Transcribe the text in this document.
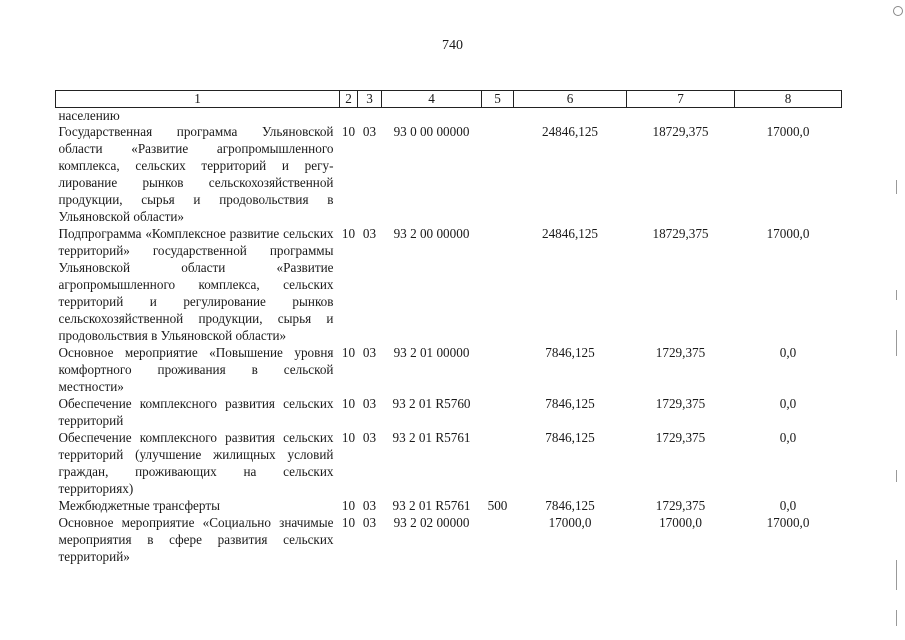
740
1	2	3	4	5	6	7	8
населению							
Государственная программа Ульяновской области «Развитие агропромышленного комплекса, сельских территорий и регулирование рынков сельскохозяйственной продукции, сырья и продовольствия в Ульяновской области»	10	03	93 0 00 00000		24846,125	18729,375	17000,0
Подпрограмма «Комплексное развитие сельских территорий» государственной программы Ульяновской области «Развитие агропромышленного комплекса, сельских территорий и регулирование рынков сельскохозяйственной продукции, сырья и продовольствия в Ульяновской области»	10	03	93 2 00 00000		24846,125	18729,375	17000,0
Основное мероприятие «Повышение уровня комфортного проживания в сельской местности»	10	03	93 2 01 00000		7846,125	1729,375	0,0
Обеспечение комплексного развития сельских территорий	10	03	93 2 01 R5760		7846,125	1729,375	0,0
Обеспечение комплексного развития сельских территорий (улучшение жилищных условий граждан, проживающих на сельских территориях)	10	03	93 2 01 R5761		7846,125	1729,375	0,0
Межбюджетные трансферты	10	03	93 2 01 R5761	500	7846,125	1729,375	0,0
Основное мероприятие «Социально значимые мероприятия в сфере развития сельских территорий»	10	03	93 2 02 00000		17000,0	17000,0	17000,0
